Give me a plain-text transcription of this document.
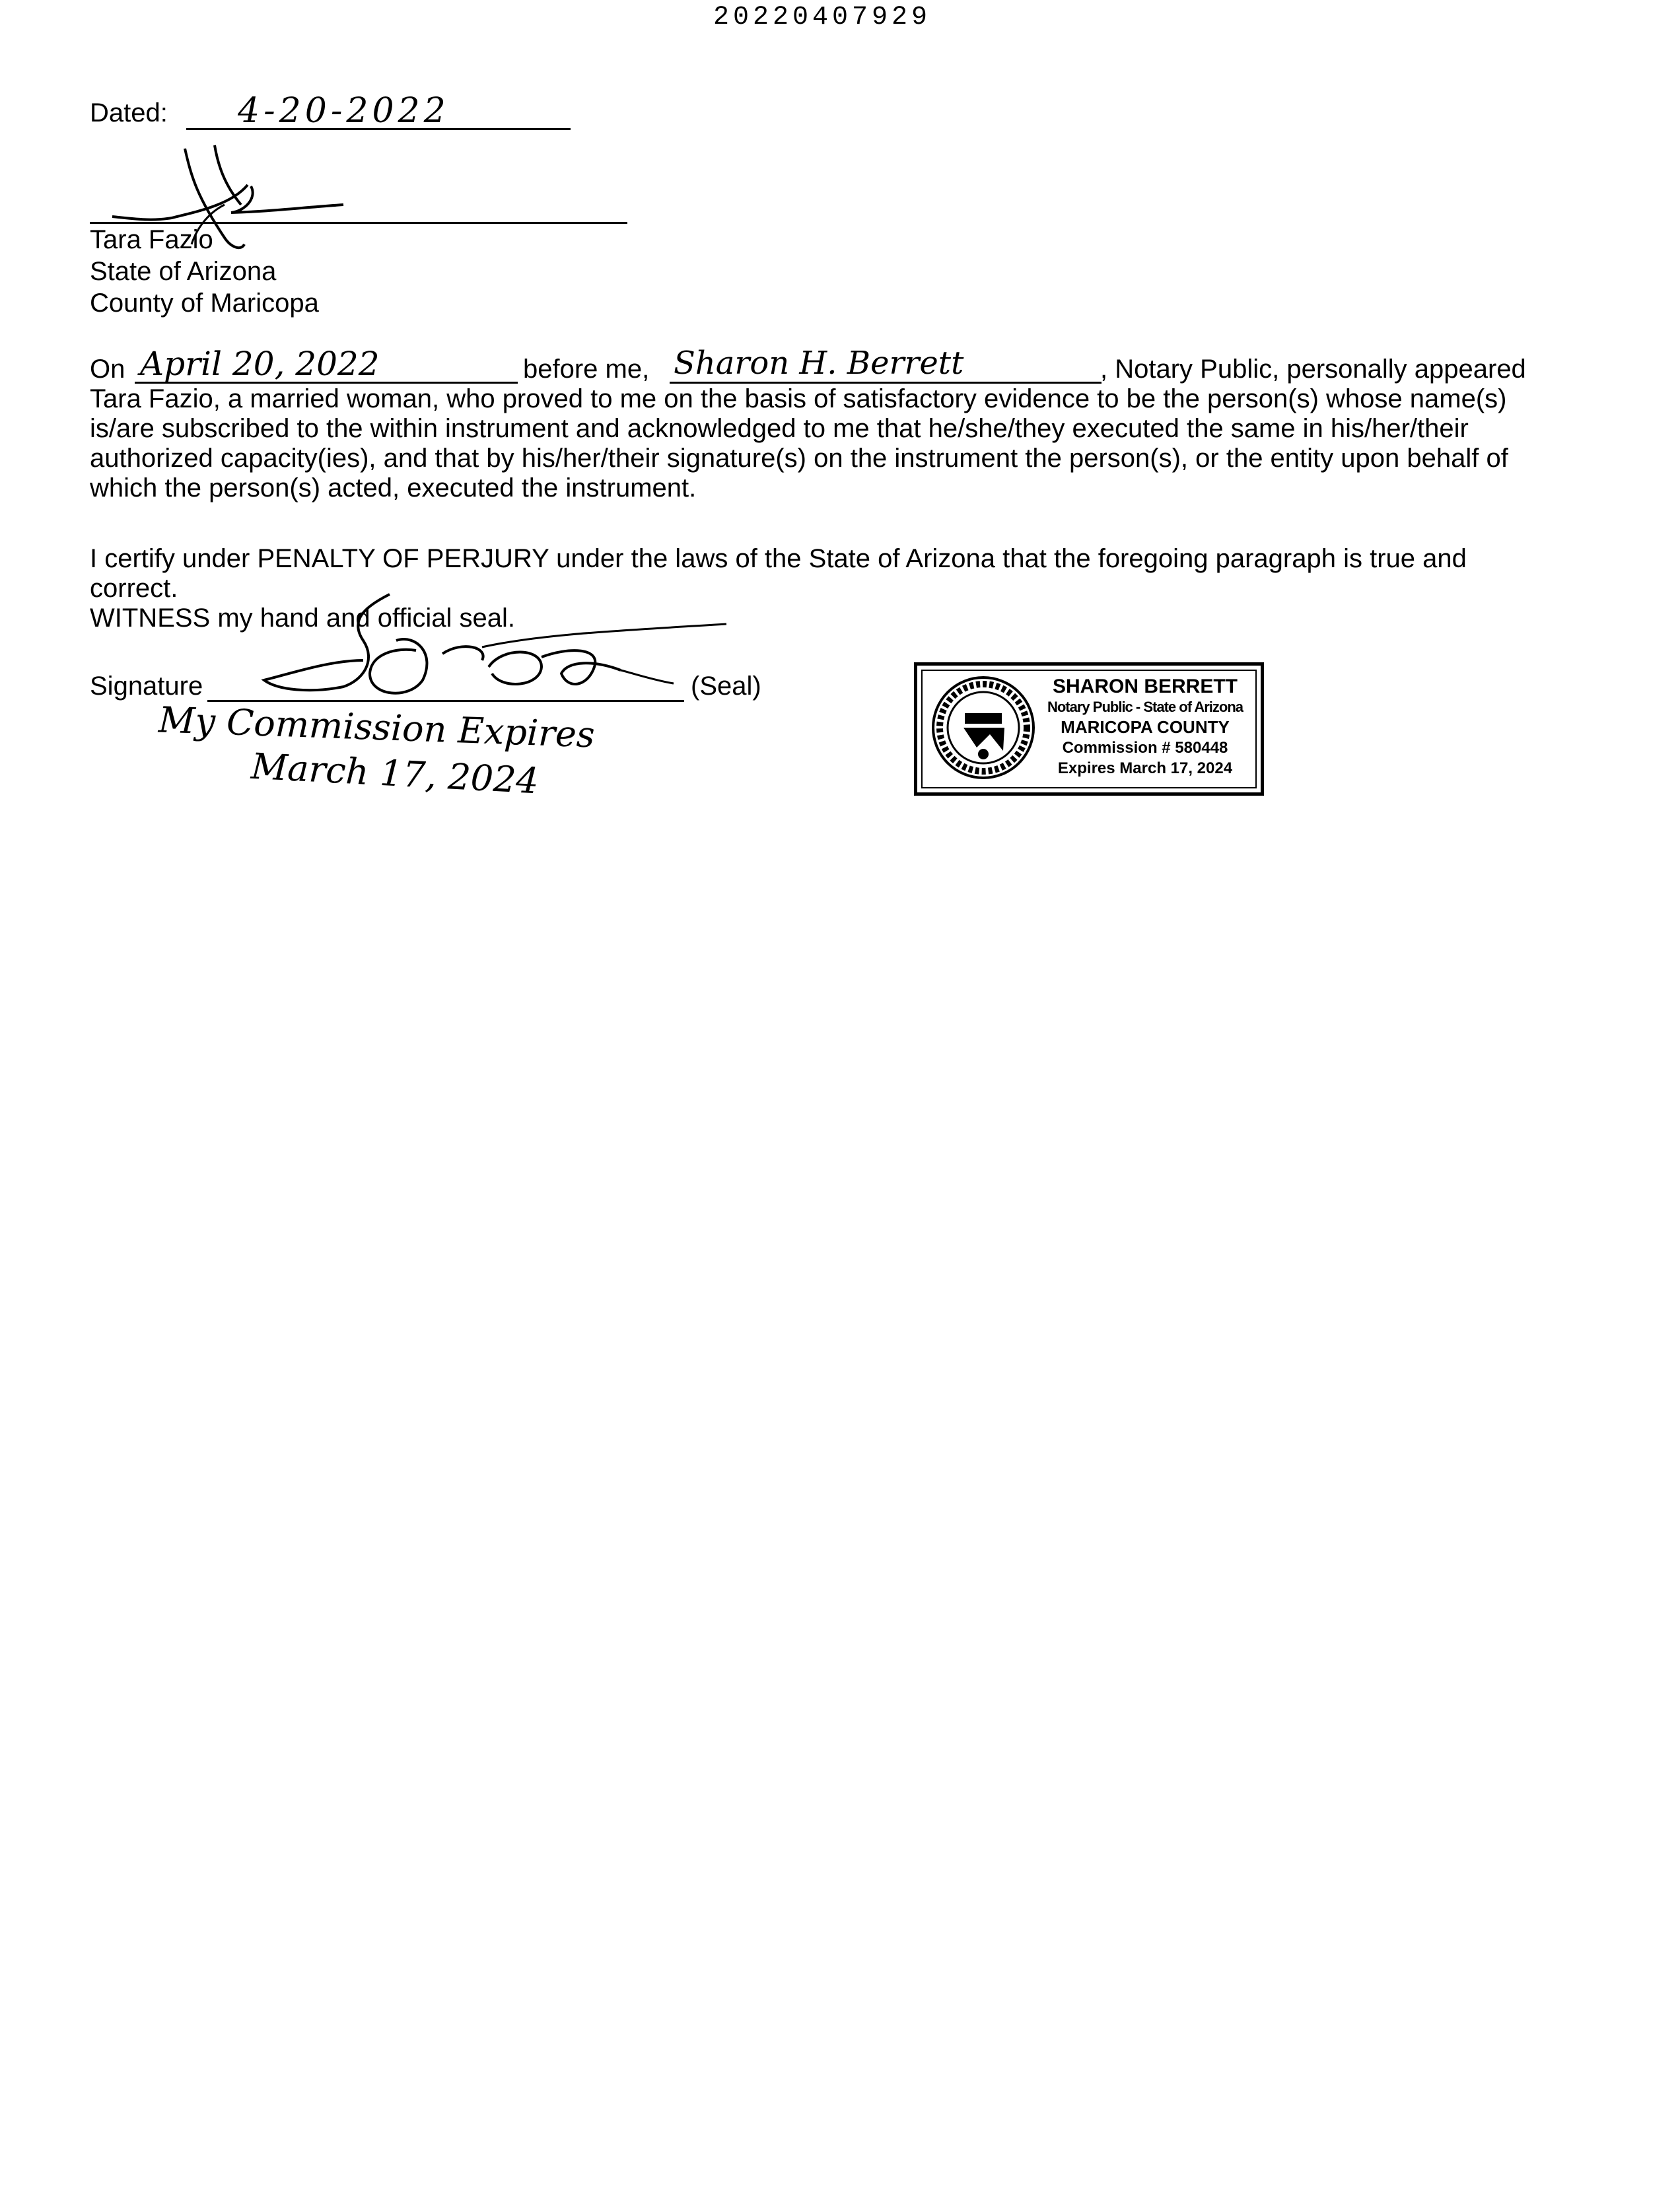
20220407929
Dated: 4-20-2022
Tara Fazio
State of Arizona
County of Maricopa
On April 20, 2022	before me, Sharon H. Berrett	, Notary Public, personally appeared
Tara Fazio, a married woman, who proved to me on the basis of satisfactory evidence to be the person(s) whose name(s)
is/are subscribed to the within instrument and acknowledged to me that he/she/they executed the same in his/her/their
authorized capacity(ies), and that by his/her/their signature(s) on the instrument the person(s), or the entity upon behalf of
which the person(s) acted, executed the instrument.
I certify under PENALTY OF PERJURY under the laws of the State of Arizona that the foregoing paragraph is true and
correct.
WITNESS my hand and official seal.
Signature	(Seal)
My Commission Expires
March 17, 2024
SHARON BERRETT
Notary Public - State of Arizona
MARICOPA COUNTY
Commission # 580448
Expires March 17, 2024
